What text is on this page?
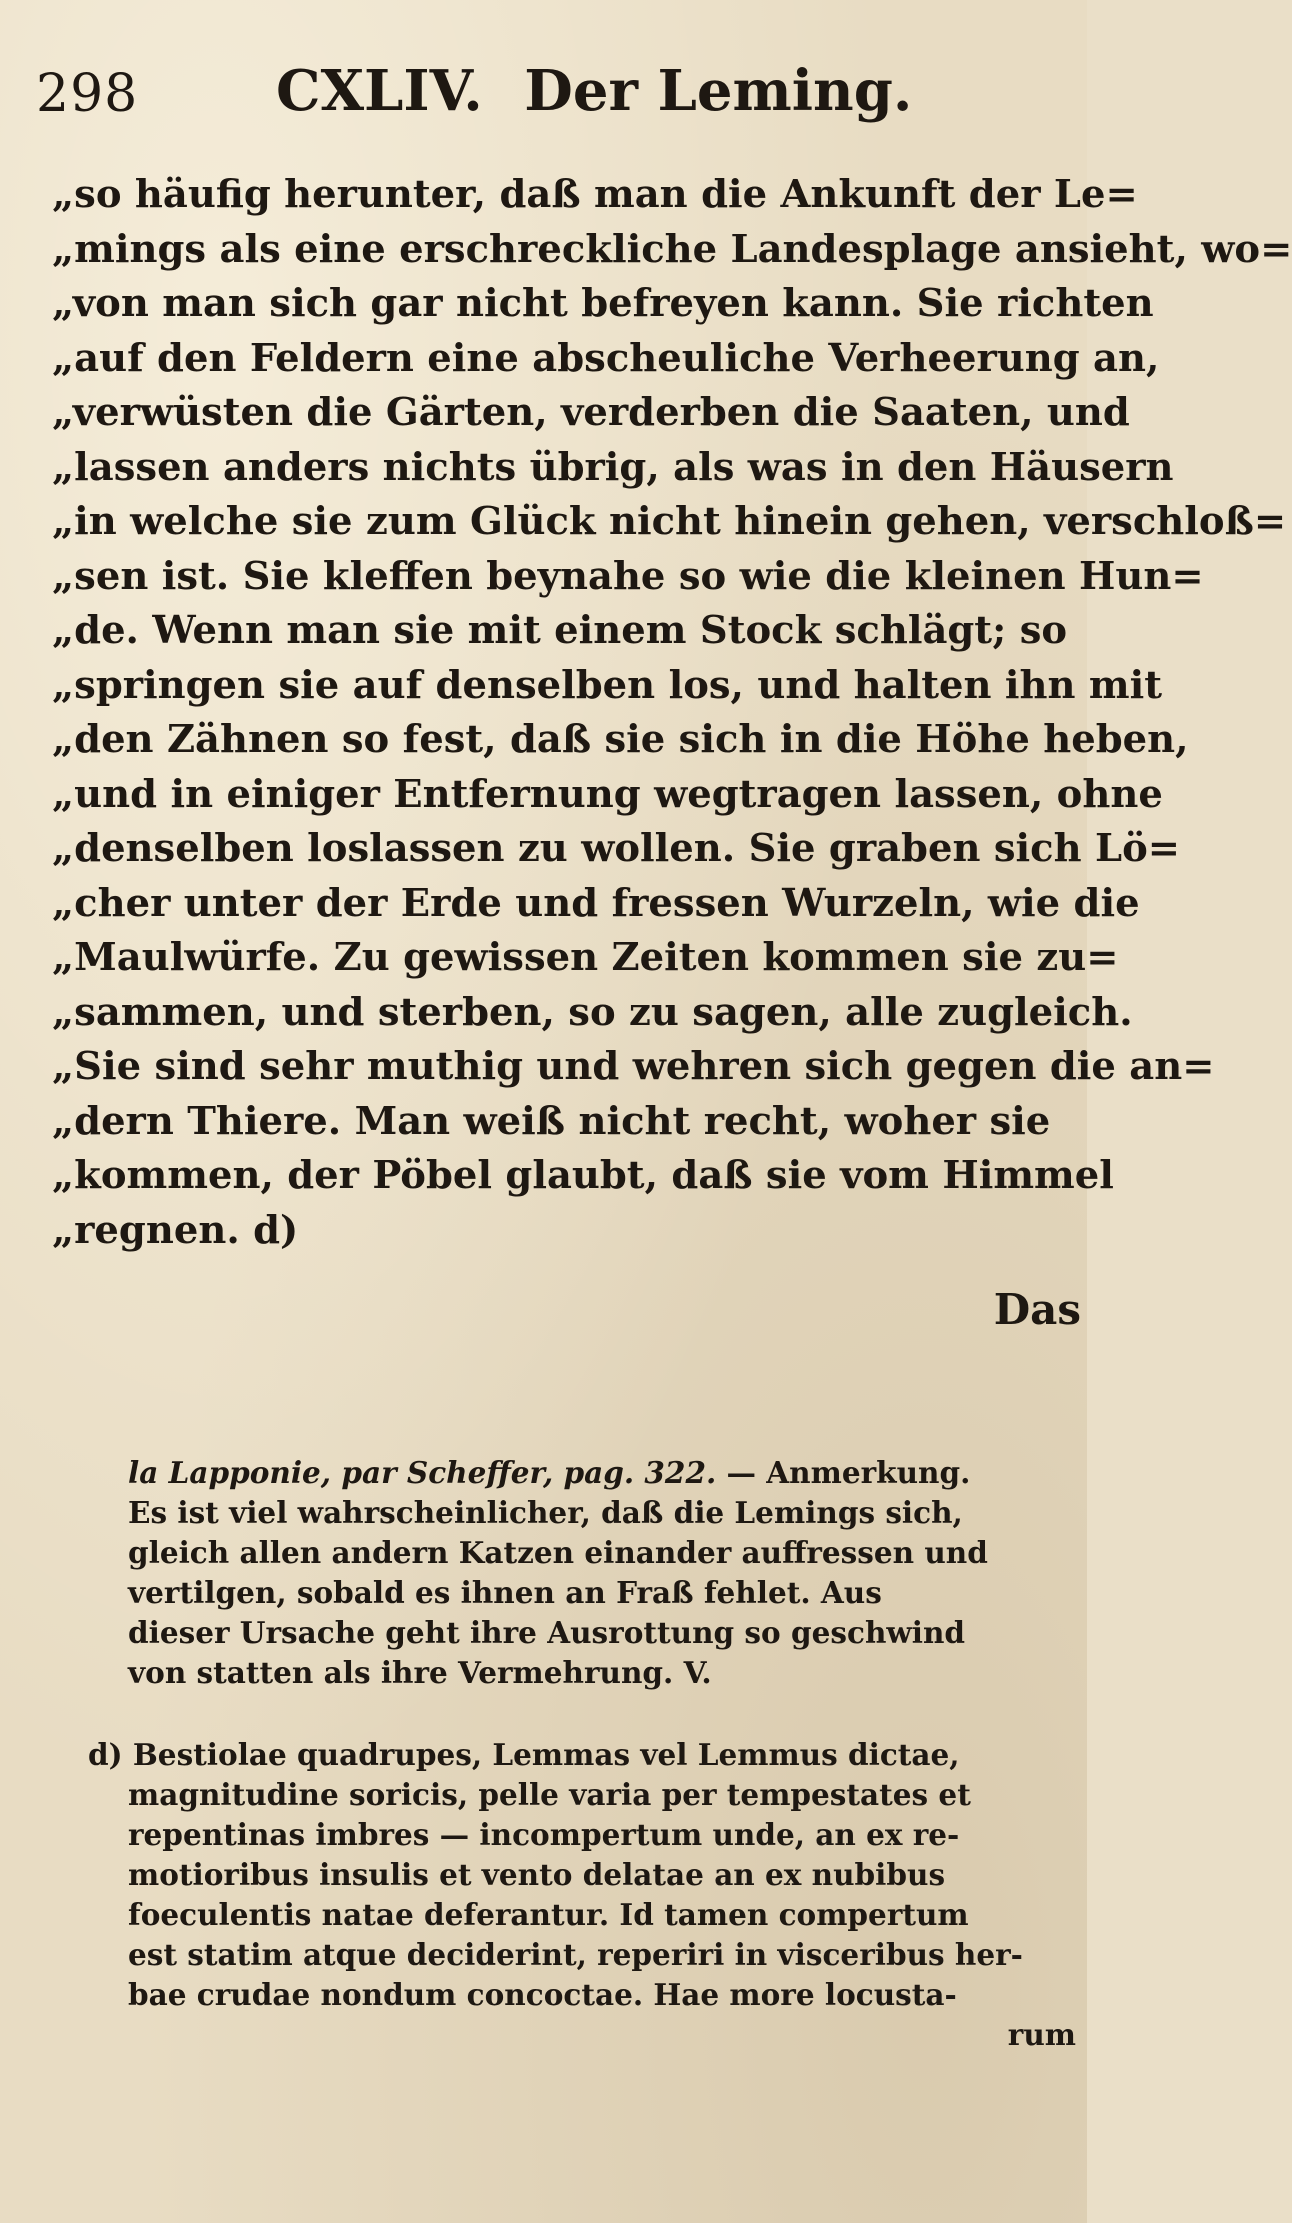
298 CXLIV. Der Leming.
„so häufig herunter, daß man die Ankunft der Le=
„mings als eine erschreckliche Landesplage ansieht, wo=
„von man sich gar nicht befreyen kann. Sie richten
„auf den Feldern eine abscheuliche Verheerung an,
„verwüsten die Gärten, verderben die Saaten, und
„lassen anders nichts übrig, als was in den Häusern
„in welche sie zum Glück nicht hinein gehen, verschloß=
„sen ist. Sie kleffen beynahe so wie die kleinen Hun=
„de. Wenn man sie mit einem Stock schlägt; so
„springen sie auf denselben los, und halten ihn mit
„den Zähnen so fest, daß sie sich in die Höhe heben,
„und in einiger Entfernung wegtragen lassen, ohne
„denselben loslassen zu wollen. Sie graben sich Lö=
„cher unter der Erde und fressen Wurzeln, wie die
„Maulwürfe. Zu gewissen Zeiten kommen sie zu=
„sammen, und sterben, so zu sagen, alle zugleich.
„Sie sind sehr muthig und wehren sich gegen die an=
„dern Thiere. Man weiß nicht recht, woher sie
„kommen, der Pöbel glaubt, daß sie vom Himmel
„regnen. d)
Das
la Lapponie, par Scheffer, pag. 322. — Anmerkung.
Es ist viel wahrscheinlicher, daß die Lemings sich,
gleich allen andern Katzen einander auffressen und
vertilgen, sobald es ihnen an Fraß fehlet. Aus
dieser Ursache geht ihre Ausrottung so geschwind
von statten als ihre Vermehrung. V.
d) Bestiolae quadrupes, Lemmas vel Lemmus dictae,
magnitudine soricis, pelle varia per tempestates et
repentinas imbres — incompertum unde, an ex re-
motioribus insulis et vento delatae an ex nubibus
foeculentis natae deferantur. Id tamen compertum
est statim atque deciderint, reperiri in visceribus her-
bae crudae nondum concoctae. Hae more locusta-
rum
